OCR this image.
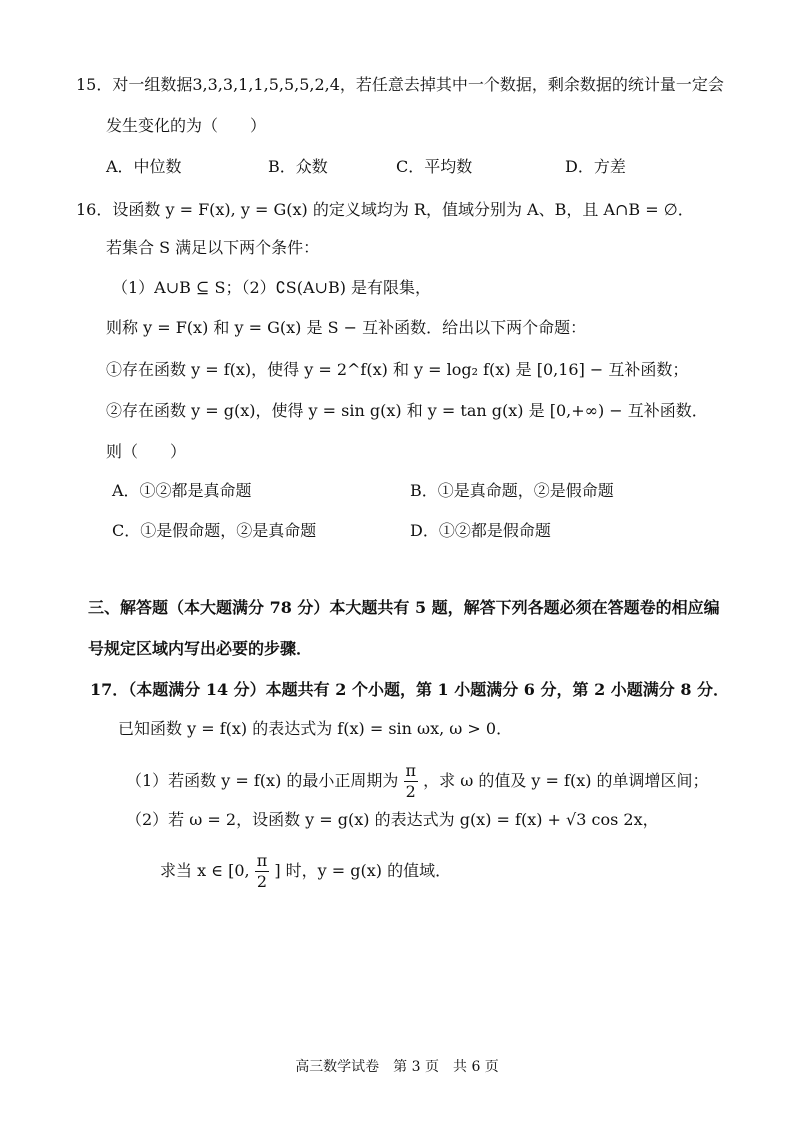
15．对一组数据3,3,3,1,1,5,5,5,2,4，若任意去掉其中一个数据，剩余数据的统计量一定会
发生变化的为（　　）
A．中位数	B．众数	C．平均数	D．方差
16．设函数 y = F(x), y = G(x) 的定义域均为 R，值域分别为 A、B，且 A∩B = ∅．
若集合 S 满足以下两个条件：
（1）A∪B ⊆ S；（2）∁S(A∪B) 是有限集，
则称 y = F(x) 和 y = G(x) 是 S − 互补函数．给出以下两个命题：
①存在函数 y = f(x)，使得 y = 2^f(x) 和 y = log₂ f(x) 是 [0,16] − 互补函数；
②存在函数 y = g(x)，使得 y = sin g(x) 和 y = tan g(x) 是 [0,+∞) − 互补函数．
则（　　）
A．①②都是真命题	B．①是真命题，②是假命题
C．①是假命题，②是真命题	D．①②都是假命题
三、解答题（本大题满分 78 分）本大题共有 5 题，解答下列各题必须在答题卷的相应编
号规定区域内写出必要的步骤．
17．（本题满分 14 分）本题共有 2 个小题，第 1 小题满分 6 分，第 2 小题满分 8 分．
已知函数 y = f(x) 的表达式为 f(x) = sin ωx, ω > 0．
（1）若函数 y = f(x) 的最小正周期为 $\frac{\pi}{2}$ ，求 ω 的值及 y = f(x) 的单调增区间；
（2）若 ω = 2，设函数 y = g(x) 的表达式为 g(x) = f(x) + √3 cos 2x，
求当 x ∈ [0, $\frac{\pi}{2}$ ] 时，y = g(x) 的值域．
高三数学试卷　第 3 页　共 6 页
